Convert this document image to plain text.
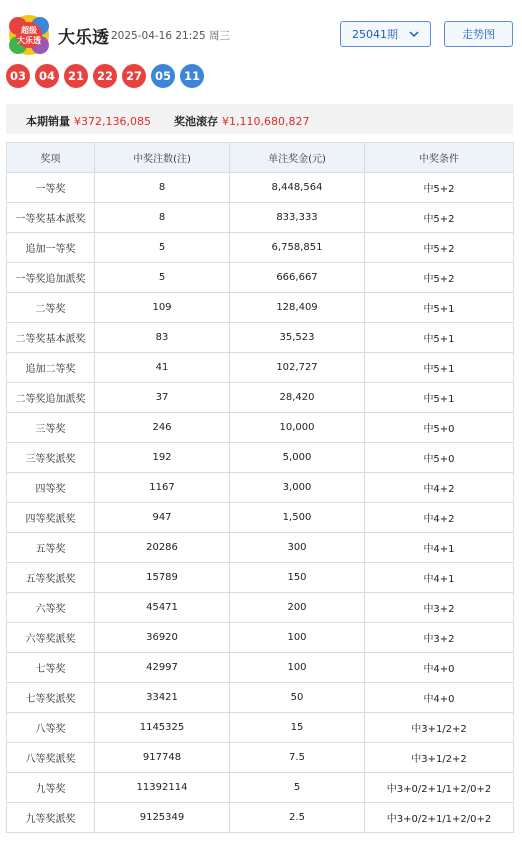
超级
大乐透 大乐透 2025-04-16 21:25 周三	25041期	走势图
03	04	21	22	27	05	11
本期销量 ¥372,136,085 奖池滚存 ¥1,110,680,827
奖项	中奖注数(注)	单注奖金(元)	中奖条件
一等奖	8	8,448,564	中5+2
一等奖基本派奖	8	833,333	中5+2
追加一等奖	5	6,758,851	中5+2
一等奖追加派奖	5	666,667	中5+2
二等奖	109	128,409	中5+1
二等奖基本派奖	83	35,523	中5+1
追加二等奖	41	102,727	中5+1
二等奖追加派奖	37	28,420	中5+1
三等奖	246	10,000	中5+0
三等奖派奖	192	5,000	中5+0
四等奖	1167	3,000	中4+2
四等奖派奖	947	1,500	中4+2
五等奖	20286	300	中4+1
五等奖派奖	15789	150	中4+1
六等奖	45471	200	中3+2
六等奖派奖	36920	100	中3+2
七等奖	42997	100	中4+0
七等奖派奖	33421	50	中4+0
八等奖	1145325	15	中3+1/2+2
八等奖派奖	917748	7.5	中3+1/2+2
九等奖	11392114	5	中3+0/2+1/1+2/0+2
九等奖派奖	9125349	2.5	中3+0/2+1/1+2/0+2
